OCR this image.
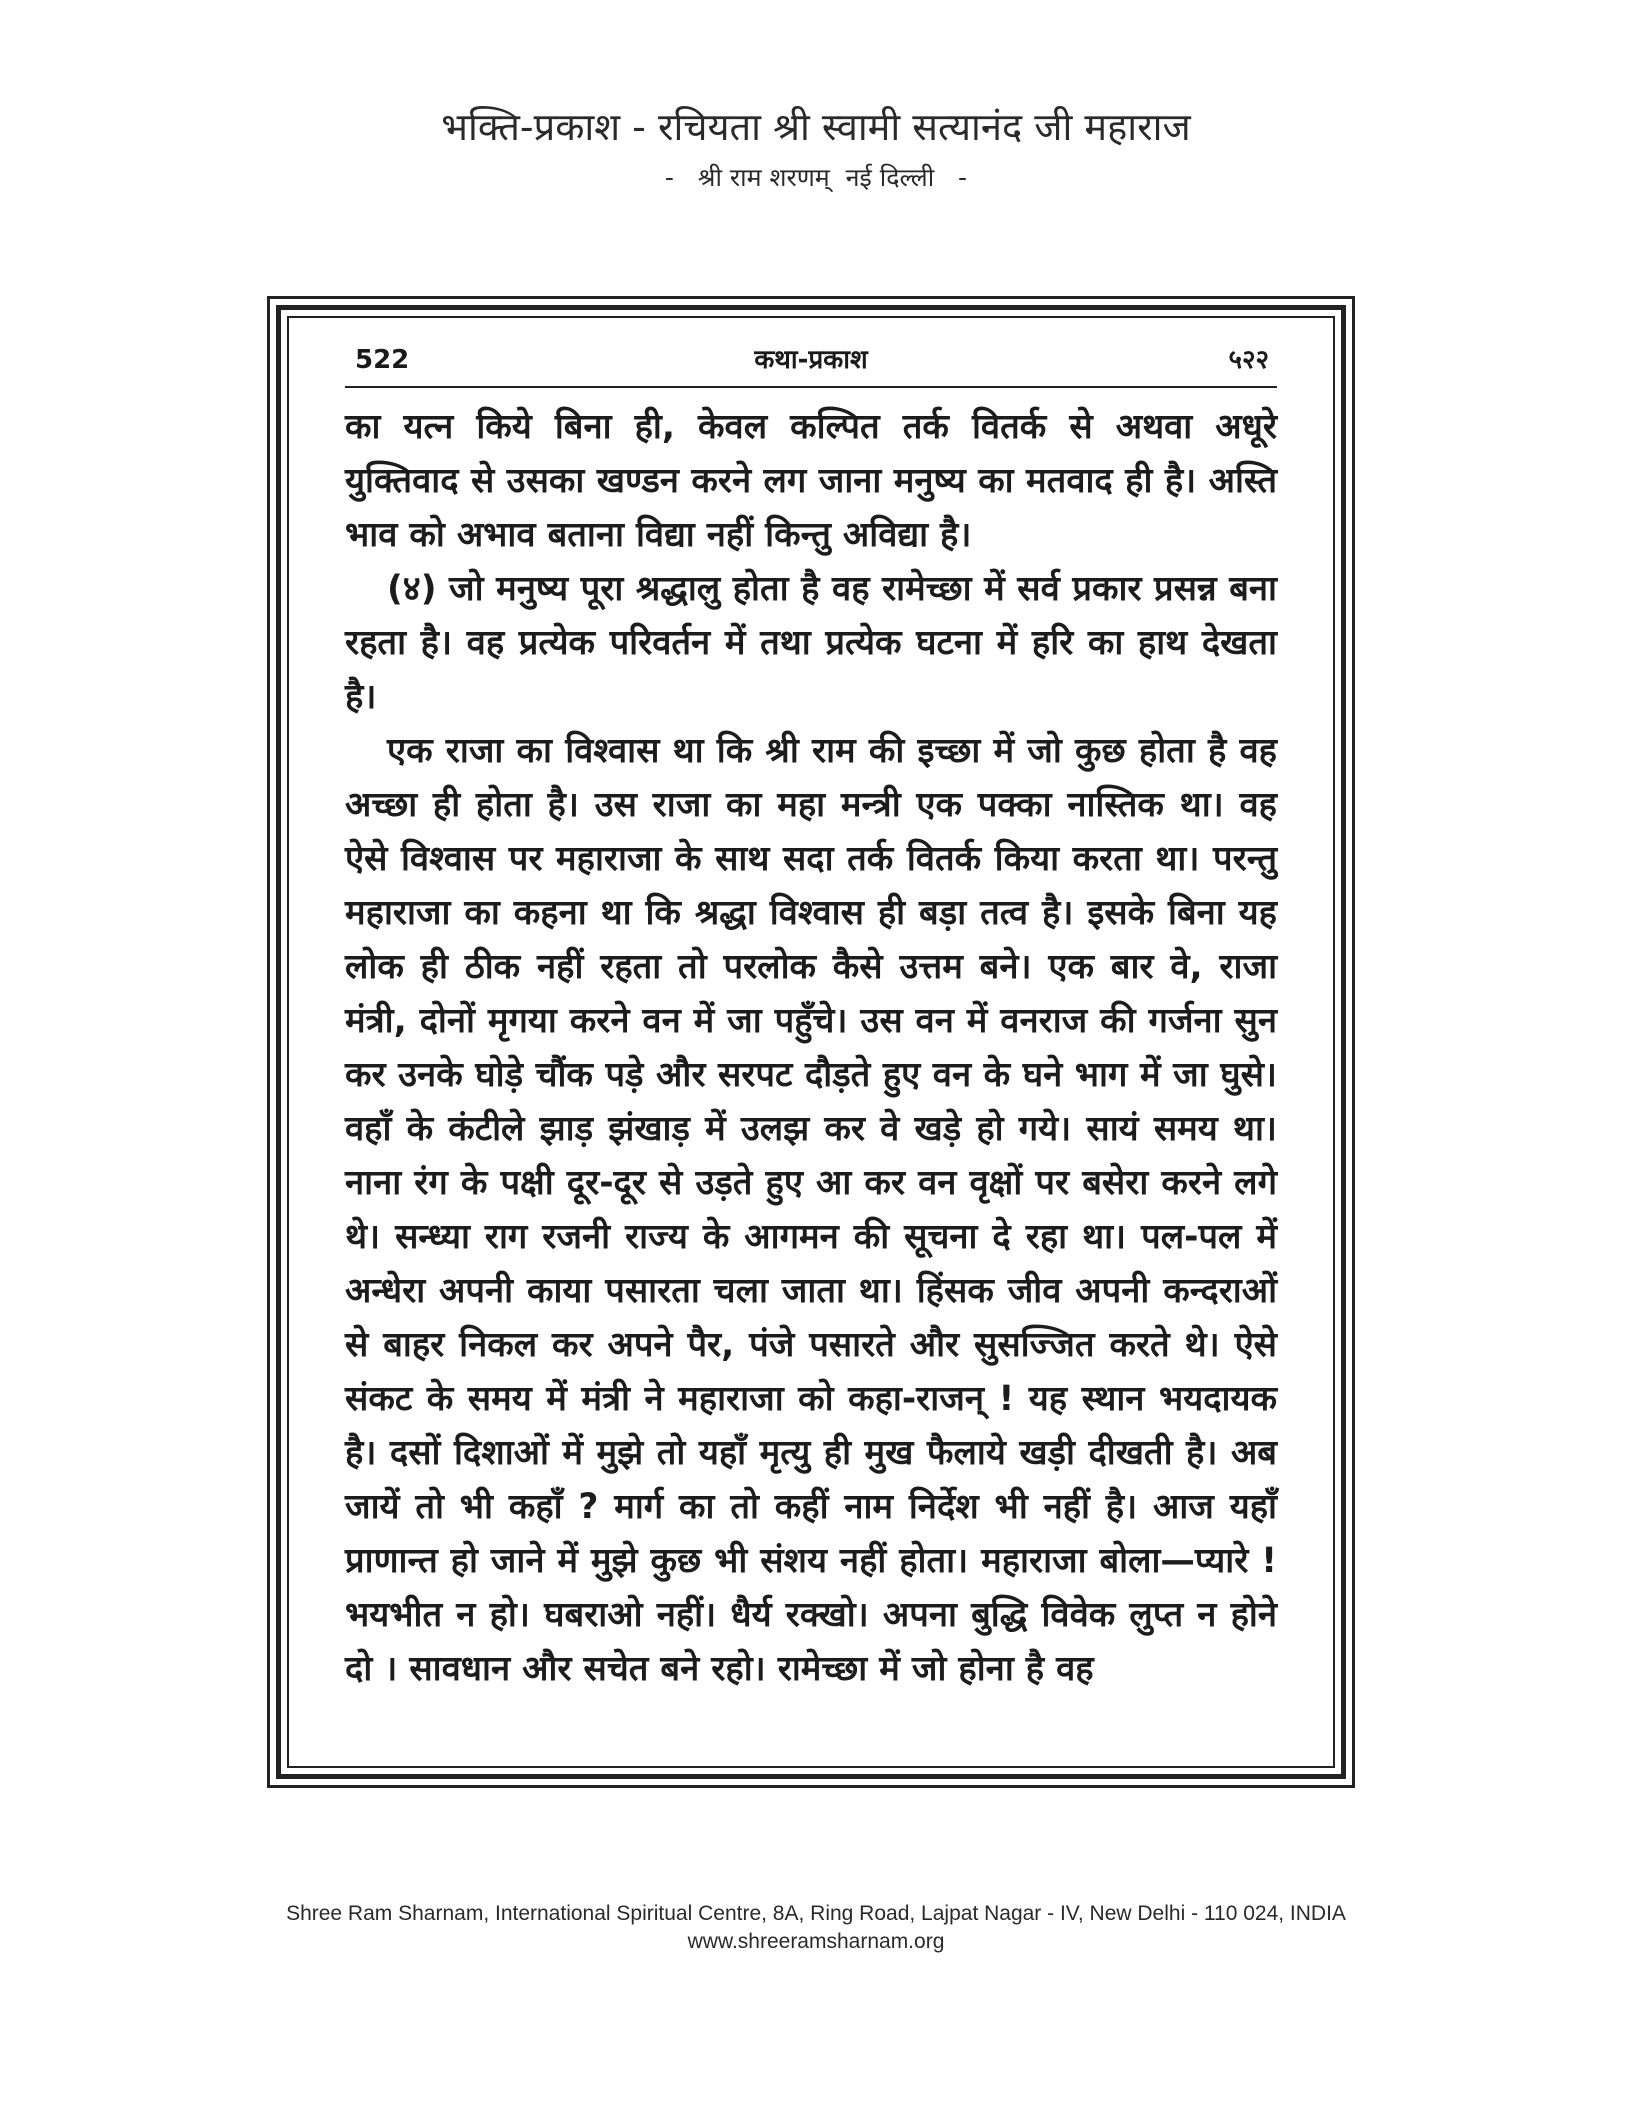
भक्ति-प्रकाश - रचियता श्री स्वामी सत्यानंद जी महाराज
-   श्री राम शरणम्  नई दिल्ली   -
कथा-प्रकाश
522	५२२

का यत्न किये बिना ही, केवल कल्पित तर्क वितर्क से अथवा अधूरे युक्तिवाद से उसका खण्डन करने लग जाना मनुष्य का मतवाद ही है। अस्ति भाव को अभाव बताना विद्या नहीं किन्तु अविद्या है।

(४) जो मनुष्य पूरा श्रद्धालु होता है वह रामेच्छा में सर्व प्रकार प्रसन्न बना रहता है। वह प्रत्येक परिवर्तन में तथा प्रत्येक घटना में हरि का हाथ देखता है।

एक राजा का विश्वास था कि श्री राम की इच्छा में जो कुछ होता है वह अच्छा ही होता है। उस राजा का महा मन्त्री एक पक्का नास्तिक था। वह ऐसे विश्वास पर महाराजा के साथ सदा तर्क वितर्क किया करता था। परन्तु महाराजा का कहना था कि श्रद्धा विश्वास ही बड़ा तत्व है। इसके बिना यह लोक ही ठीक नहीं रहता तो परलोक कैसे उत्तम बने। एक बार वे, राजा मंत्री, दोनों मृगया करने वन में जा पहुँचे। उस वन में वनराज की गर्जना सुन कर उनके घोड़े चौंक पड़े और सरपट दौड़ते हुए वन के घने भाग में जा घुसे। वहाँ के कंटीले झाड़ झंखाड़ में उलझ कर वे खड़े हो गये। सायं समय था। नाना रंग के पक्षी दूर-दूर से उड़ते हुए आ कर वन वृक्षों पर बसेरा करने लगे थे। सन्ध्या राग रजनी राज्य के आगमन की सूचना दे रहा था। पल-पल में अन्धेरा अपनी काया पसारता चला जाता था। हिंसक जीव अपनी कन्दराओं से बाहर निकल कर अपने पैर, पंजे पसारते और सुसज्जित करते थे। ऐसे संकट के समय में मंत्री ने महाराजा को कहा-राजन् ! यह स्थान भयदायक है। दसों दिशाओं में मुझे तो यहाँ मृत्यु ही मुख फैलाये खड़ी दीखती है। अब जायें तो भी कहाँ ? मार्ग का तो कहीं नाम निर्देश भी नहीं है। आज यहाँ प्राणान्त हो जाने में मुझे कुछ भी संशय नहीं होता। महाराजा बोला—प्यारे ! भयभीत न हो। घबराओ नहीं। धैर्य रक्खो। अपना बुद्धि विवेक लुप्त न होने दो । सावधान और सचेत बने रहो। रामेच्छा में जो होना है वह

Shree Ram Sharnam, International Spiritual Centre, 8A, Ring Road, Lajpat Nagar - IV, New Delhi - 110 024, INDIA
www.shreeramsharnam.org
